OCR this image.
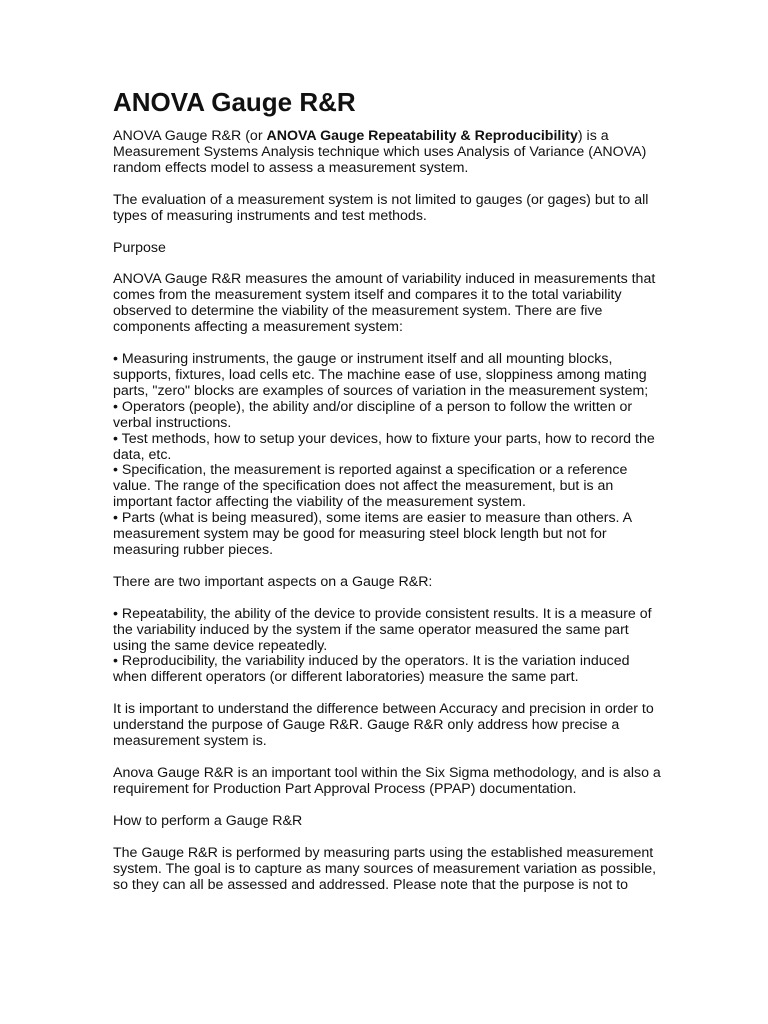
ANOVA Gauge R&R

ANOVA Gauge R&R (or ANOVA Gauge Repeatability & Reproducibility) is a Measurement Systems Analysis technique which uses Analysis of Variance (ANOVA) random effects model to assess a measurement system.

The evaluation of a measurement system is not limited to gauges (or gages) but to all types of measuring instruments and test methods.

Purpose

ANOVA Gauge R&R measures the amount of variability induced in measurements that comes from the measurement system itself and compares it to the total variability observed to determine the viability of the measurement system. There are five components affecting a measurement system:

• Measuring instruments, the gauge or instrument itself and all mounting blocks, supports, fixtures, load cells etc. The machine ease of use, sloppiness among mating parts, "zero" blocks are examples of sources of variation in the measurement system;
• Operators (people), the ability and/or discipline of a person to follow the written or verbal instructions.
• Test methods, how to setup your devices, how to fixture your parts, how to record the data, etc.
• Specification, the measurement is reported against a specification or a reference value. The range of the specification does not affect the measurement, but is an important factor affecting the viability of the measurement system.
• Parts (what is being measured), some items are easier to measure than others. A measurement system may be good for measuring steel block length but not for measuring rubber pieces.

There are two important aspects on a Gauge R&R:

• Repeatability, the ability of the device to provide consistent results. It is a measure of the variability induced by the system if the same operator measured the same part using the same device repeatedly.
• Reproducibility, the variability induced by the operators. It is the variation induced when different operators (or different laboratories) measure the same part.

It is important to understand the difference between Accuracy and precision in order to understand the purpose of Gauge R&R. Gauge R&R only address how precise a measurement system is.

Anova Gauge R&R is an important tool within the Six Sigma methodology, and is also a requirement for Production Part Approval Process (PPAP) documentation.

How to perform a Gauge R&R

The Gauge R&R is performed by measuring parts using the established measurement system. The goal is to capture as many sources of measurement variation as possible, so they can all be assessed and addressed. Please note that the purpose is not to
